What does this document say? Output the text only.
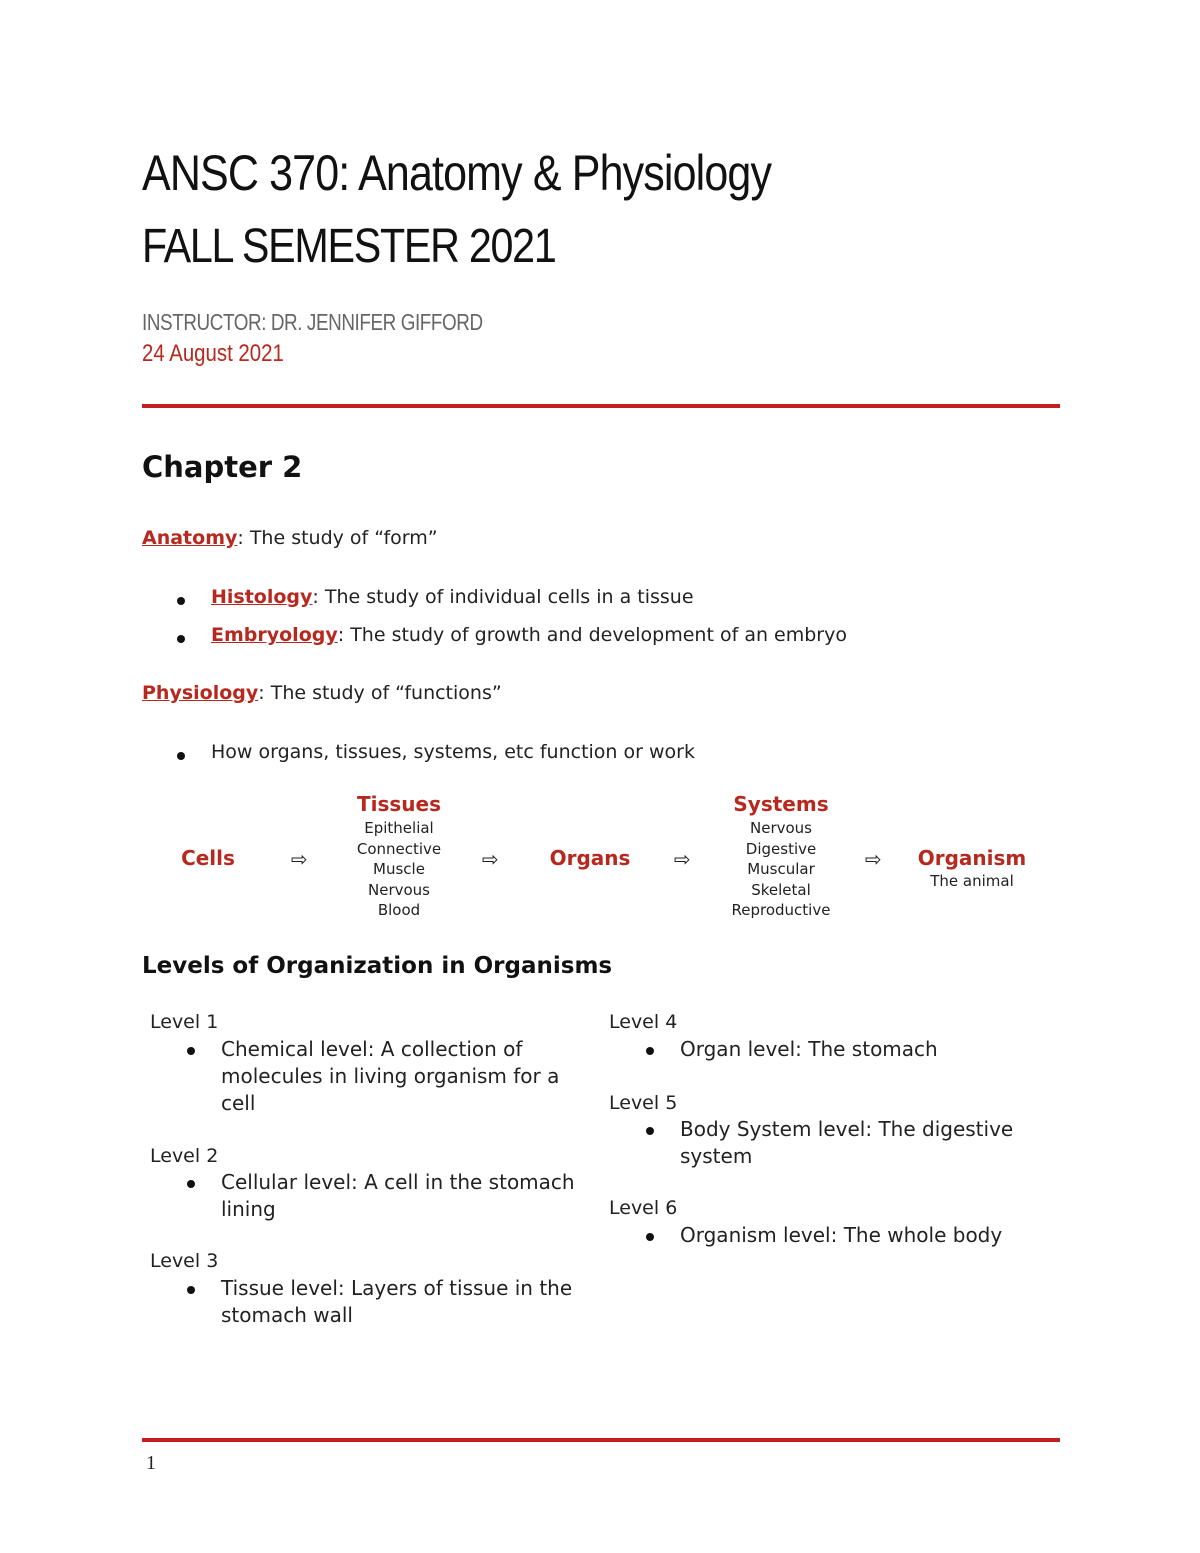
ANSC 370: Anatomy & Physiology
FALL SEMESTER 2021
INSTRUCTOR: DR. JENNIFER GIFFORD
24 August 2021
Chapter 2
Anatomy: The study of “form”
Histology: The study of individual cells in a tissue
Embryology: The study of growth and development of an embryo
Physiology: The study of “functions”
How organs, tissues, systems, etc function or work
Cells	⇨
Tissues
Epithelial
Connective
Muscle
Nervous
Blood
⇨	Organs	⇨
Systems
Nervous
Digestive
Muscular
Skeletal
Reproductive
⇨	Organism
The animal
Levels of Organization in Organisms
Level 1
Chemical level: A collection of molecules in living organism for a cell
Level 2
Cellular level: A cell in the stomach lining
Level 3
Tissue level: Layers of tissue in the stomach wall
Level 4
Organ level: The stomach
Level 5
Body System level: The digestive system
Level 6
Organism level: The whole body
1
